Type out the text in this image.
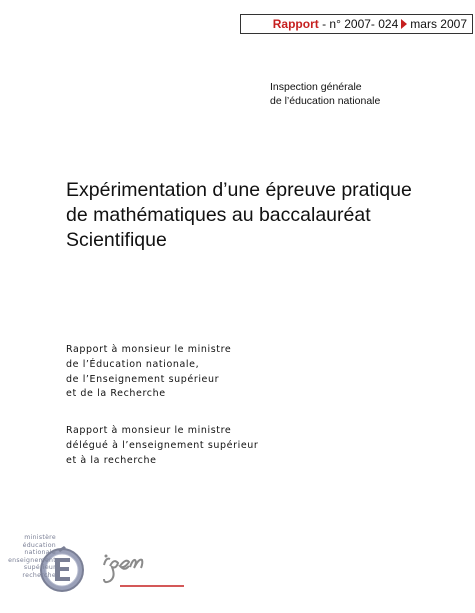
Rapport - n° 2007- 024 mars 2007
Inspection générale
de l’éducation nationale
Expérimentation d’une épreuve pratique
de mathématiques au baccalauréat
Scientifique
Rapport à monsieur le ministre
de l’Éducation nationale,
de l’Enseignement supérieur
et de la Recherche
Rapport à monsieur le ministre
délégué à l’enseignement supérieur
et à la recherche
ministère
éducation
nationale
enseignement
supérieur
recherche
